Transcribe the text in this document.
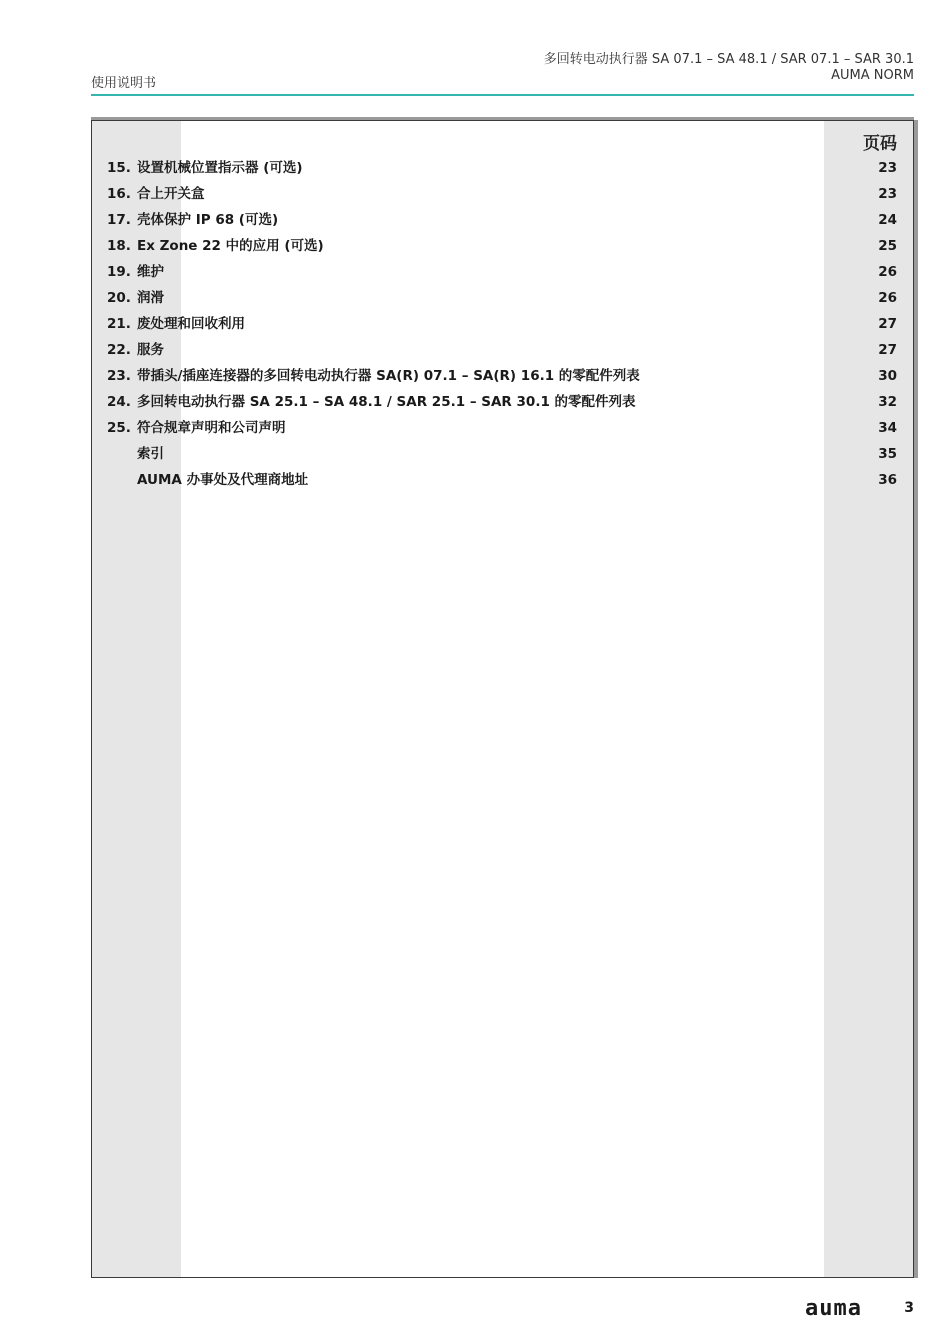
使用说明书
多回转电动执行器 SA 07.1 – SA 48.1 / SAR 07.1 – SAR 30.1
AUMA NORM
页码
15. 设置机械位置指示器 (可选)	23
16. 合上开关盒	23
17. 壳体保护 IP 68 (可选)	24
18. Ex Zone 22 中的应用 (可选)	25
19. 维护	26
20. 润滑	26
21. 废处理和回收利用	27
22. 服务	27
23. 带插头/插座连接器的多回转电动执行器 SA(R) 07.1 – SA(R) 16.1 的零配件列表	30
24. 多回转电动执行器 SA 25.1 – SA 48.1 / SAR 25.1 – SAR 30.1 的零配件列表	32
25. 符合规章声明和公司声明	34
索引	35
AUMA 办事处及代理商地址	36
auma	3
